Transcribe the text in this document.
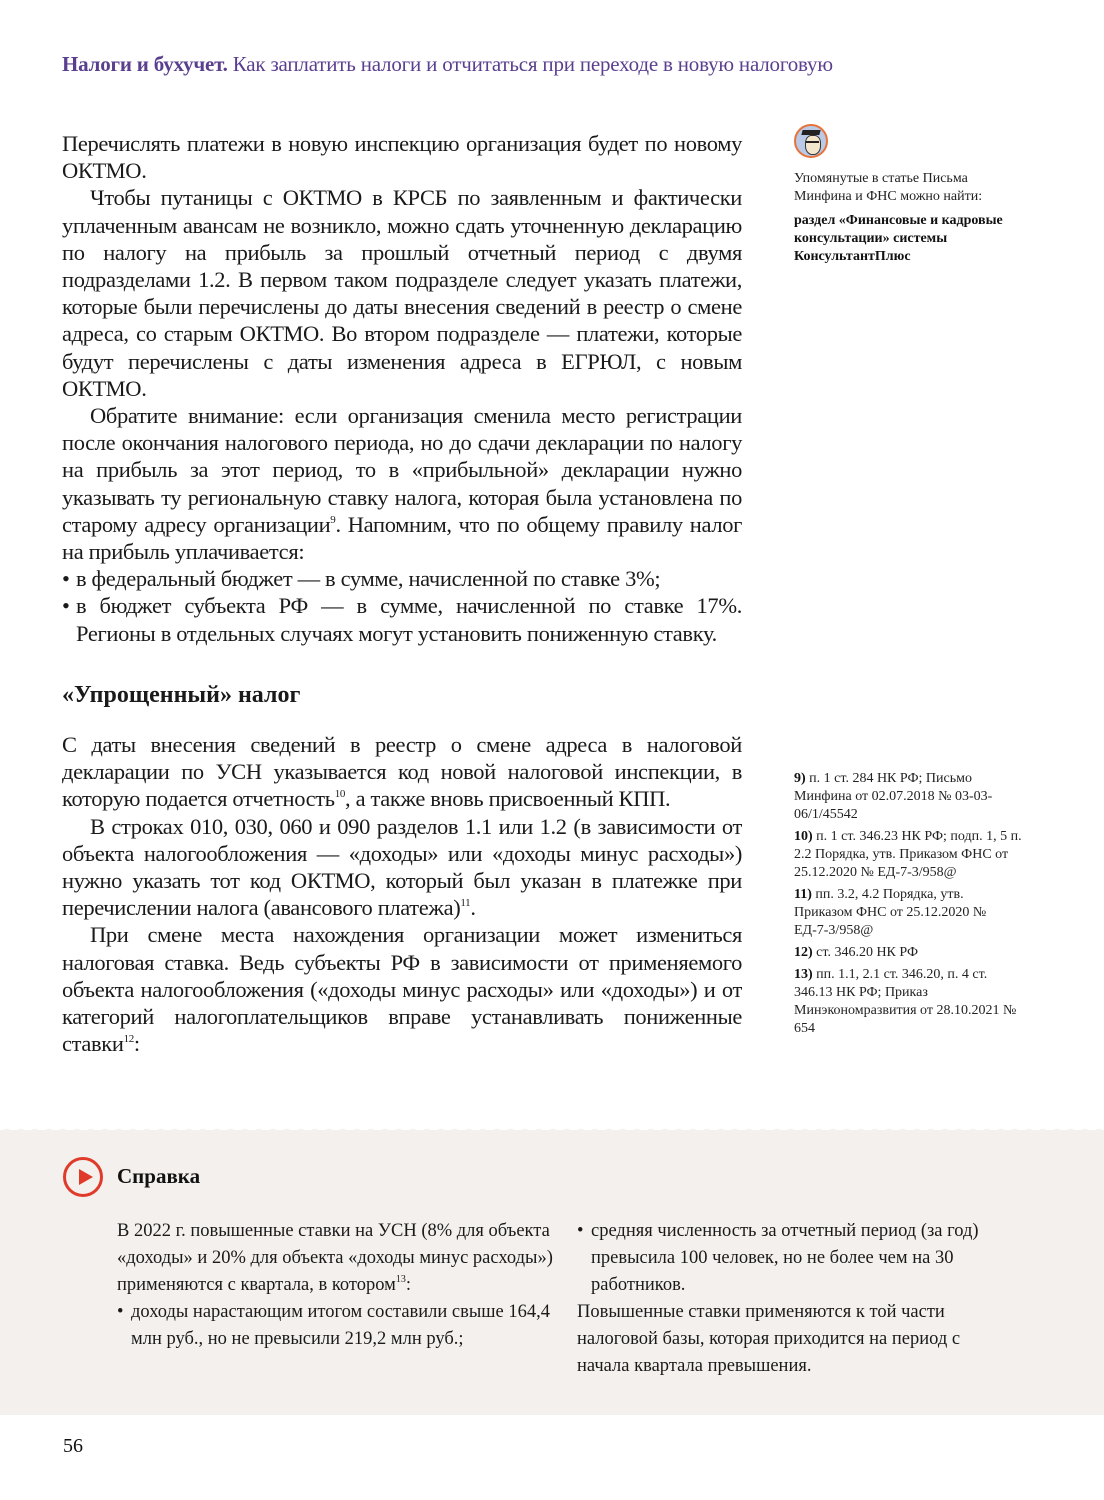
Налоги и бухучет. Как заплатить налоги и отчитаться при переходе в новую налоговую

Перечислять платежи в новую инспекцию организация будет по новому ОКТМО.

Чтобы путаницы с ОКТМО в КРСБ по заявленным и фактически уплаченным авансам не возникло, можно сдать уточненную декларацию по налогу на прибыль за прошлый отчетный период с двумя подразделами 1.2. В первом таком подразделе следует указать платежи, которые были перечислены до даты внесения сведений в реестр о смене адреса, со старым ОКТМО. Во втором подразделе — платежи, которые будут перечислены с даты изменения адреса в ЕГРЮЛ, с новым ОКТМО.

Обратите внимание: если организация сменила место регистрации после окончания налогового периода, но до сдачи декларации по налогу на прибыль за этот период, то в «прибыльной» декларации нужно указывать ту региональную ставку налога, которая была установлена по старому адресу организации$^9$. Напомним, что по общему правилу налог на прибыль уплачивается:

• в федеральный бюджет — в сумме, начисленной по ставке 3%;
• в бюджет субъекта РФ — в сумме, начисленной по ставке 17%. Регионы в отдельных случаях могут установить пониженную ставку.
«Упрощенный» налог

С даты внесения сведений в реестр о смене адреса в налоговой декларации по УСН указывается код новой налоговой инспекции, в которую подается отчетность$^{10}$, а также вновь присвоенный КПП.

В строках 010, 030, 060 и 090 разделов 1.1 или 1.2 (в зависимости от объекта налогообложения — «доходы» или «доходы минус расходы») нужно указать тот код ОКТМО, который был указан в платежке при перечислении налога (авансового платежа)$^{11}$.

При смене места нахождения организации может измениться налоговая ставка. Ведь субъекты РФ в зависимости от применяемого объекта налогообложения («доходы минус расходы» или «доходы») и от категорий налогоплательщиков вправе устанавливать пониженные ставки$^{12}$:

Упомянутые в статье Письма Минфина и ФНС можно найти:
раздел «Финансовые и кадровые консультации» системы КонсультантПлюс
9) п. 1 ст. 284 НК РФ; Письмо Минфина от 02.07.2018 № 03-03-06/1/45542
10) п. 1 ст. 346.23 НК РФ; подп. 1, 5 п. 2.2 Порядка, утв. Приказом ФНС от 25.12.2020 № ЕД-7-3/958@
11) пп. 3.2, 4.2 Порядка, утв. Приказом ФНС от 25.12.2020 № ЕД-7-3/958@
12) ст. 346.20 НК РФ
13) пп. 1.1, 2.1 ст. 346.20, п. 4 ст. 346.13 НК РФ; Приказ Минэкономразвития от 28.10.2021 № 654
Справка

В 2022 г. повышенные ставки на УСН (8% для объекта «доходы» и 20% для объекта «доходы минус расходы») применяются с квартала, в котором$^{13}$:

• доходы нарастающим итогом составили свыше 164,4 млн руб., но не превысили 219,2 млн руб.;
• средняя численность за отчетный период (за год) превысила 100 человек, но не более чем на 30 работников.

Повышенные ставки применяются к той части налоговой базы, которая приходится на период с начала квартала превышения.

56
